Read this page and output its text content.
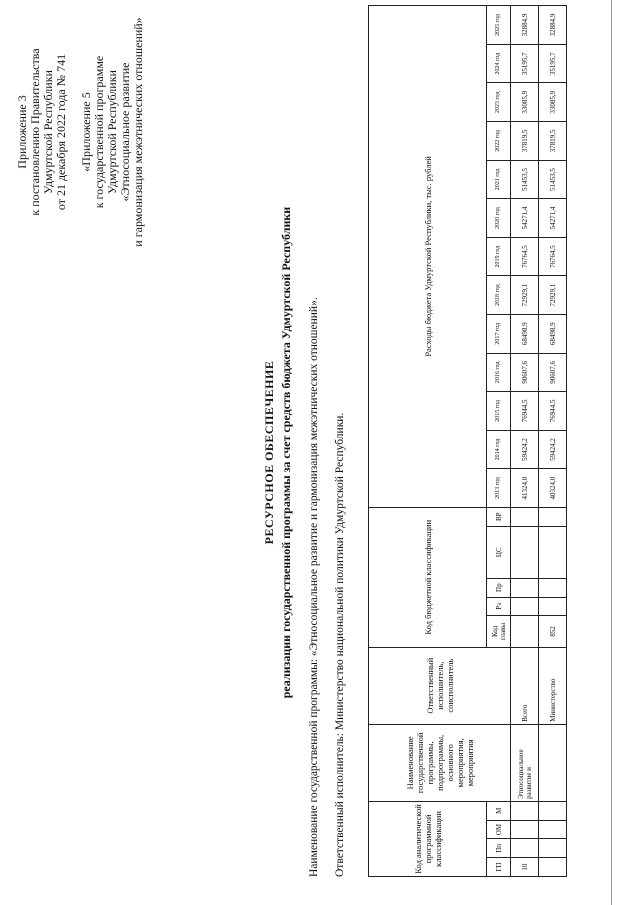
Приложение 3 к постановлению Правительства Удмуртской Республики от 21 декабря 2022 года № 741 «Приложение 5 к государственной программе Удмуртской Республики «Этносоциальное развитие и гармонизация межэтнических отношений»
РЕСУРСНОЕ ОБЕСПЕЧЕНИЕ реализации государственной программы за счет средств бюджета Удмуртской Республики Наименование государственной программы: «Этносоциальное развитие и гармонизация межэтнических отношений». Ответственный исполнитель: Министерство национальной политики Удмуртской Республики.	Код аналитической программной классификации				Наименование государственной программы, подпрограммы, основного мероприятия, мероприятия	Ответственный исполнитель, соисполнитель	Код бюджетной классификации					Расходы бюджета Удмуртской Республики, тыс. рублей												
ГП	Пп	ОМ	М			Код главы	Рз	Пр	ЦС	ВР	2013 год	2014 год	2015 год	2016 год	2017 год	2018 год	2019 год	2020 год	2021 год	2022 год	2023 год	2024 год	2025 год
10				Этносоциальное развитие и	Всего						41324,0	59424,2	76944,5	90607,6	68498,9	72929,1	76764,5	54271,4	51453,5	37819,5	33085,9	35195,7	32884,9
					Министерство	852					40324,0	59424,2	76944,5	90607,6	68498,9	72929,1	76764,5	54271,4	51453,5	37819,5	33085,9	35195,7	32884,9
